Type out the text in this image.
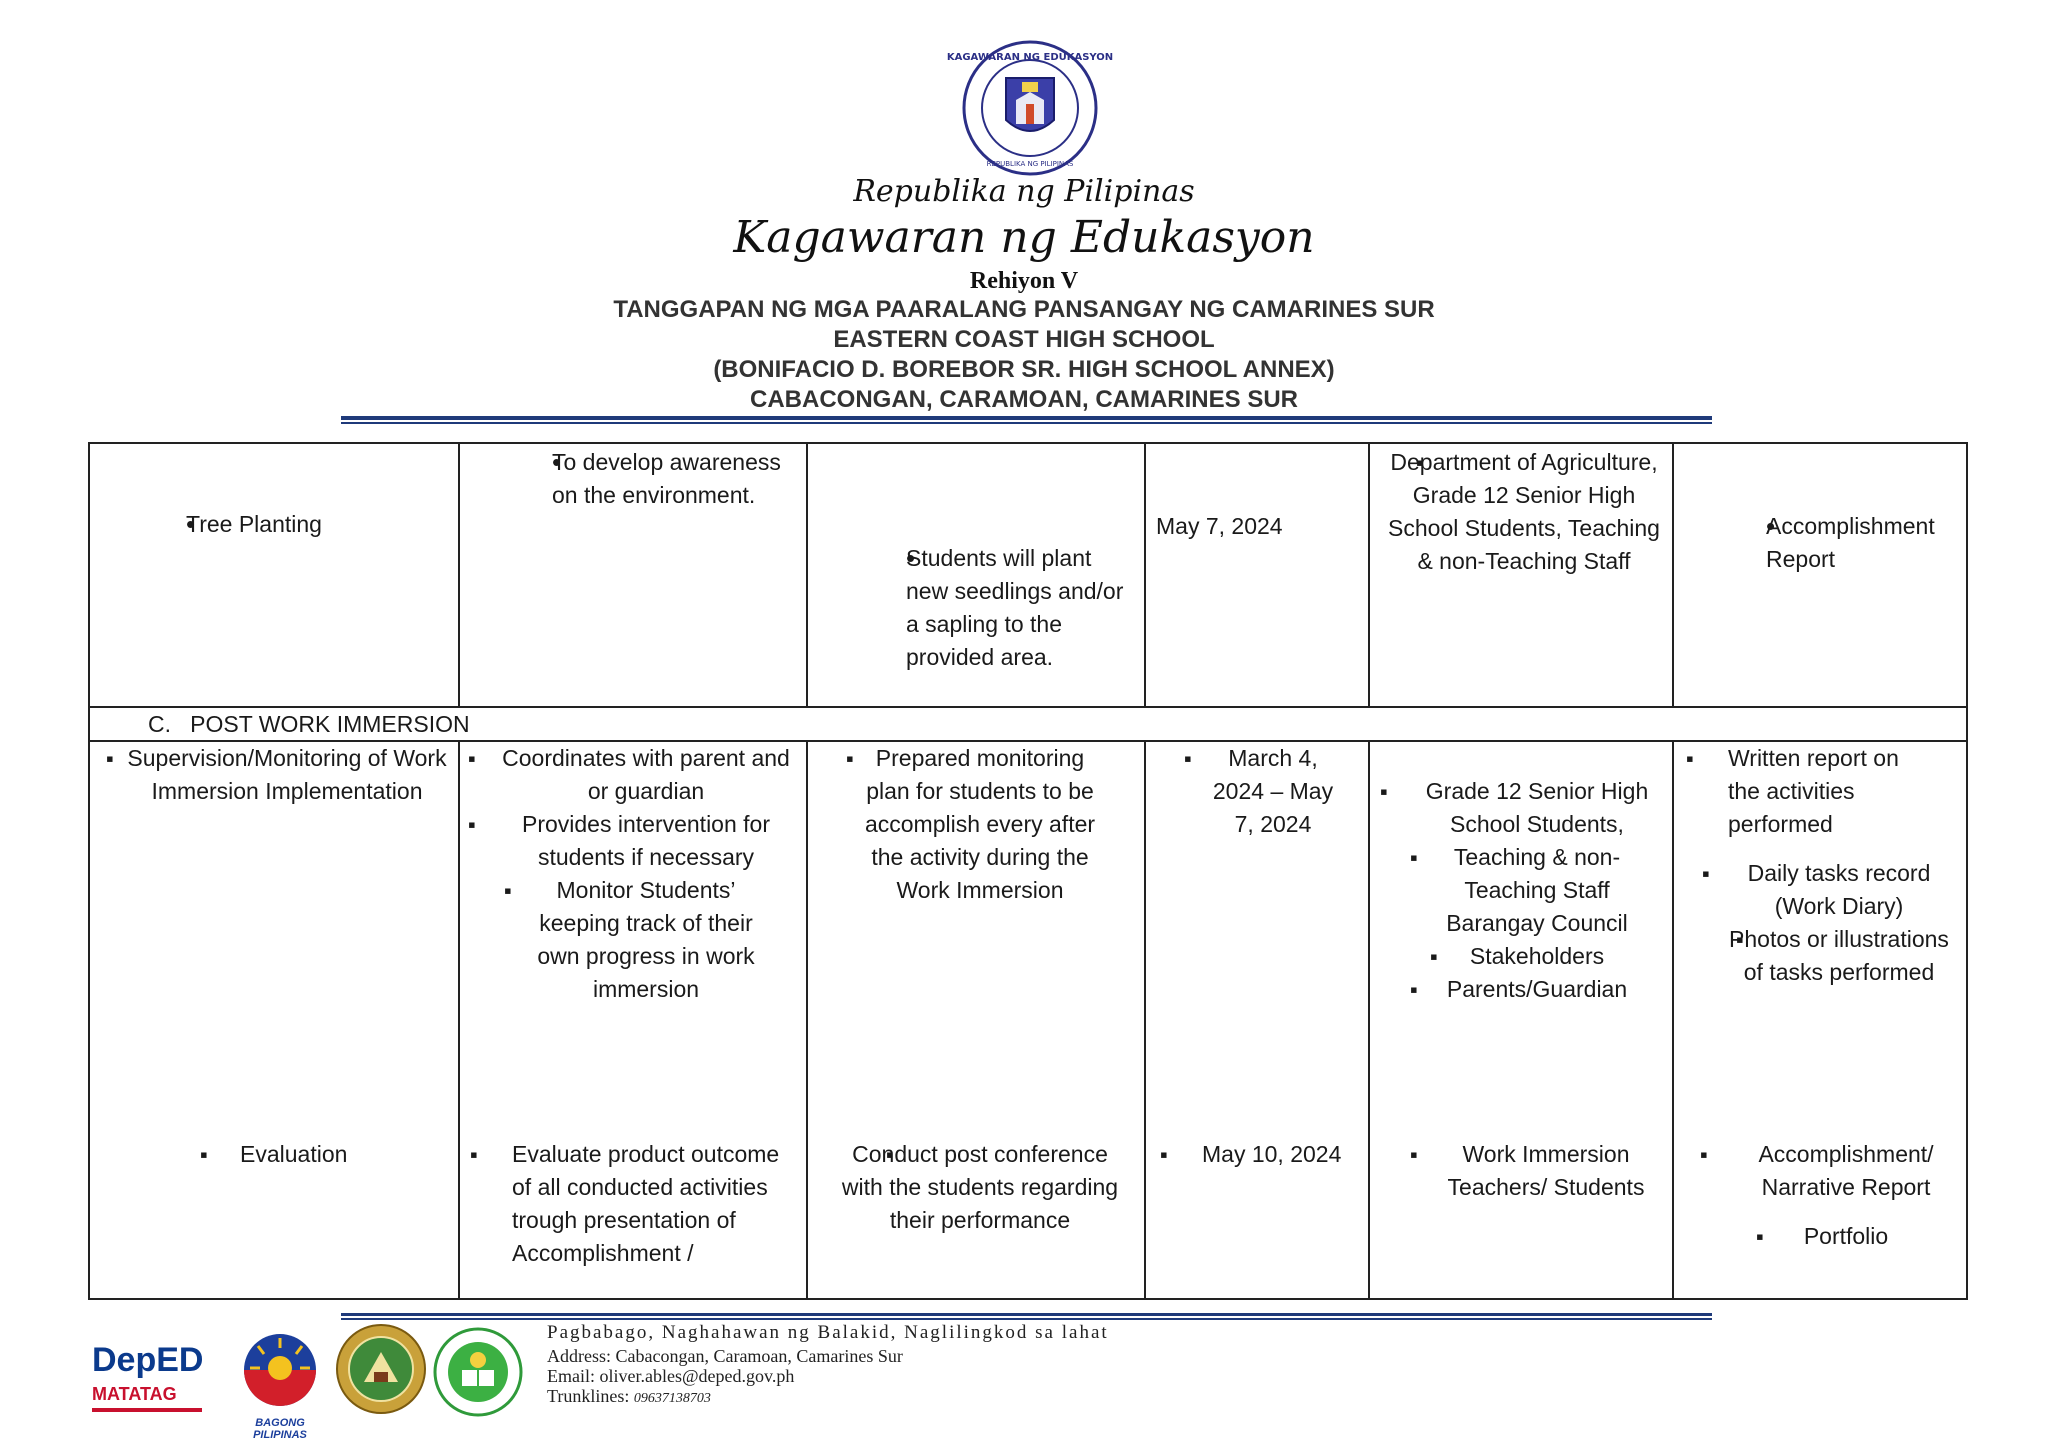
KAGAWARAN NG EDUKASYON
REPUBLIKA NG PILIPINAS
Republika ng Pilipinas
Kagawaran ng Edukasyon
Rehiyon V
TANGGAPAN NG MGA PAARALANG PANSANGAY NG CAMARINES SUR
EASTERN COAST HIGH SCHOOL
(BONIFACIO D. BOREBOR SR. HIGH SCHOOL ANNEX)
CABACONGAN, CARAMOAN, CAMARINES SUR
• Tree Planting
• To develop awareness on the environment.
• Students will plant new seedlings and/or a sapling to the provided area.
May 7, 2024
Department of Agriculture, Grade 12 Senior High School Students, Teaching & non-Teaching Staff
• Accomplishment Report
C.   POST WORK IMMERSION
Supervision/Monitoring of Work Immersion Implementation
Coordinates with parent and or guardian
Provides intervention for students if necessary
Monitor Students’ keeping track of their own progress in work immersion
Prepared monitoring plan for students to be accomplish every after the activity during the Work Immersion
March 4, 2024 – May 7, 2024
Grade 12 Senior High School Students,
Teaching & non-Teaching Staff Barangay Council
Stakeholders
Parents/Guardian
Written report on the activities performed
Daily tasks record (Work Diary)
Photos or illustrations of tasks performed
Evaluation	Evaluate product outcome of all conducted activities trough presentation of Accomplishment /
Conduct post conference with the students regarding their performance
May 10, 2024	Work Immersion Teachers/ Students
Accomplishment/ Narrative Report
Portfolio
DepED
MATATAG
BAGONG PILIPINAS
Pagbabago, Naghahawan ng Balakid, Naglilingkod sa lahat
Address: Cabacongan, Caramoan, Camarines Sur
Email: oliver.ables@deped.gov.ph
Trunklines: 09637138703
